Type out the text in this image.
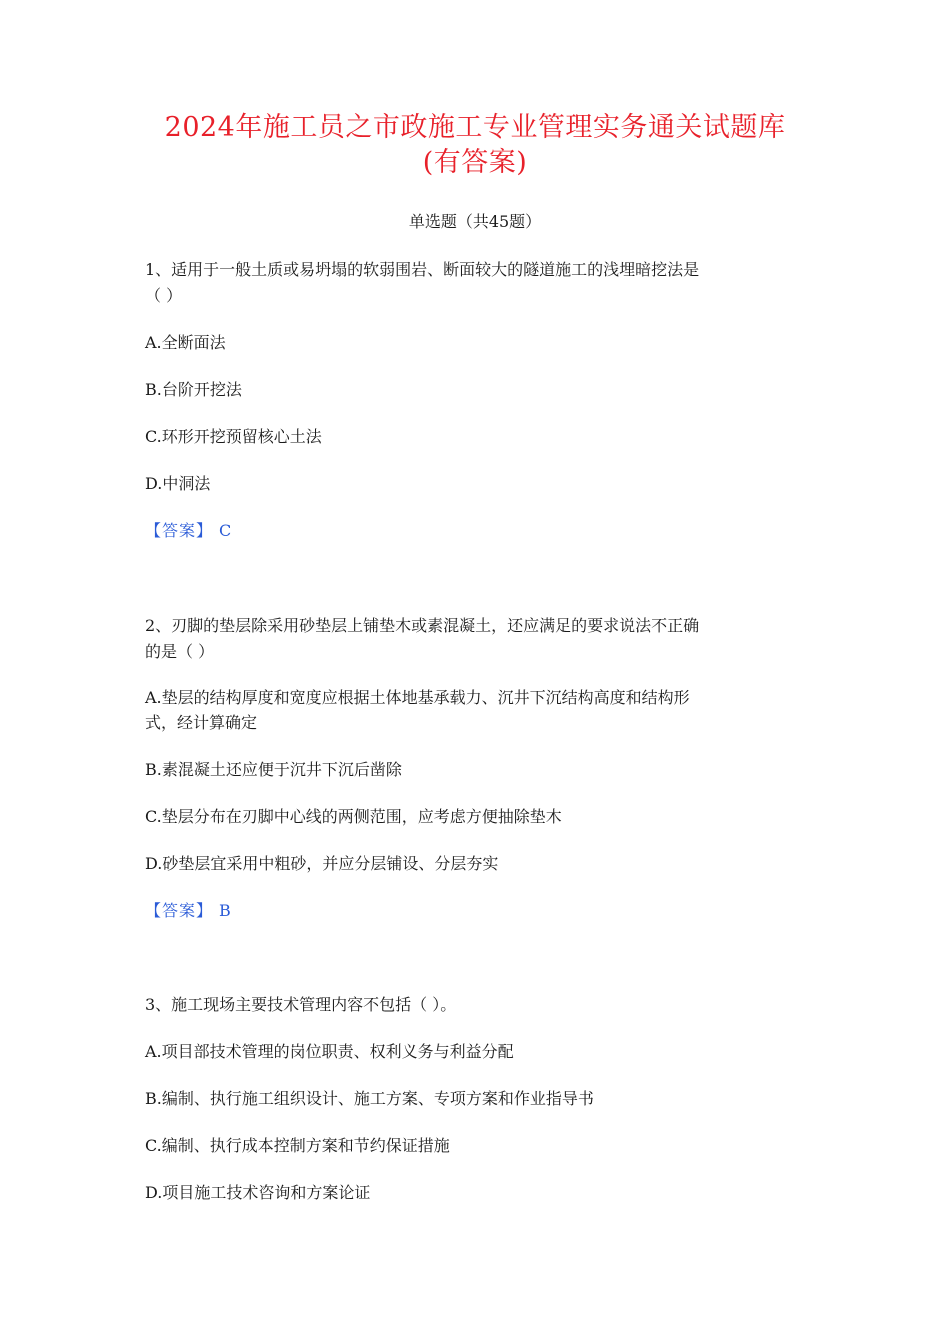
2024年施工员之市政施工专业管理实务通关试题库
(有答案)
单选题（共45题）
1、适用于一般土质或易坍塌的软弱围岩、断面较大的隧道施工的浅埋暗挖法是
（ ）
A.全断面法
B.台阶开挖法
C.环形开挖预留核心土法
D.中洞法
【答案】 C
2、刃脚的垫层除采用砂垫层上铺垫木或素混凝土，还应满足的要求说法不正确
的是（ ）
A.垫层的结构厚度和宽度应根据土体地基承载力、沉井下沉结构高度和结构形
式，经计算确定
B.素混凝土还应便于沉井下沉后凿除
C.垫层分布在刃脚中心线的两侧范围，应考虑方便抽除垫木
D.砂垫层宜采用中粗砂，并应分层铺设、分层夯实
【答案】 B
3、施工现场主要技术管理内容不包括（ ）。
A.项目部技术管理的岗位职责、权利义务与利益分配
B.编制、执行施工组织设计、施工方案、专项方案和作业指导书
C.编制、执行成本控制方案和节约保证措施
D.项目施工技术咨询和方案论证
